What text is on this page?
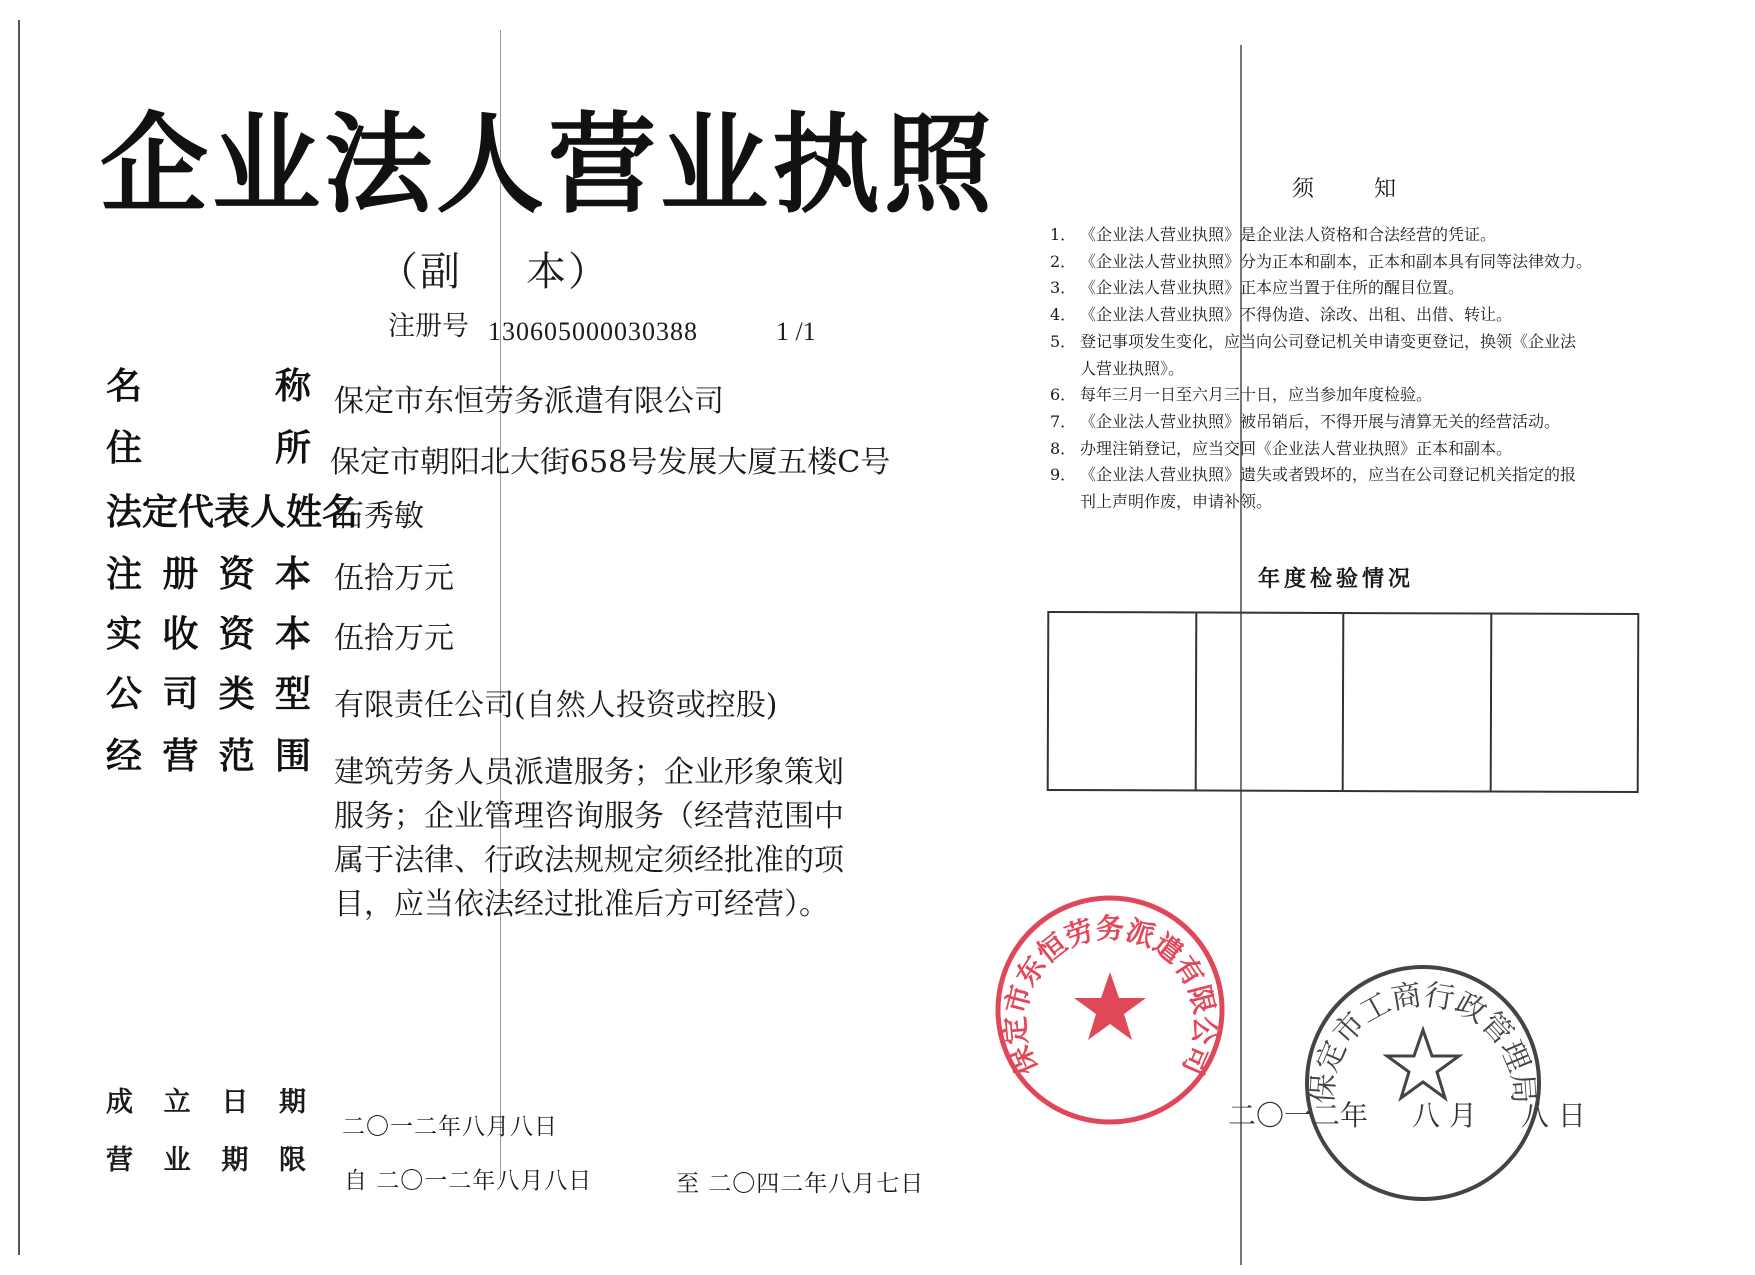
企业法人营业执照
（副 本）
注册号 130605000030388	1 /1
名	称 保定市东恒劳务派遣有限公司
住	所 保定市朝阳北大街658号发展大厦五楼C号
法定代表人姓名
石秀敏
注 册 资 本 伍拾万元
实 收 资 本 伍拾万元
公 司 类 型 有限责任公司(自然人投资或控股)
经 营 范 围 建筑劳务人员派遣服务；企业形象策划服务；企业管理咨询服务（经营范围中属于法律、行政法规规定须经批准的项目，应当依法经过批准后方可经营）。
成 立 日 期
二〇一二年八月八日
营 业 期 限
自 二〇一二年八月八日	至 二〇四二年八月七日
须	知
1． 《企业法人营业执照》是企业法人资格和合法经营的凭证。
2． 《企业法人营业执照》分为正本和副本，正本和副本具有同等法律效力。
3． 《企业法人营业执照》正本应当置于住所的醒目位置。
4． 《企业法人营业执照》不得伪造、涂改、出租、出借、转让。
5． 登记事项发生变化，应当向公司登记机关申请变更登记，换领《企业法
人营业执照》。
6． 每年三月一日至六月三十日，应当参加年度检验。
7． 《企业法人营业执照》被吊销后，不得开展与清算无关的经营活动。
8． 办理注销登记，应当交回《企业法人营业执照》正本和副本。
9． 《企业法人营业执照》遗失或者毁坏的，应当在公司登记机关指定的报
刊上声明作废，申请补领。
年度检验情况
保定市东恒劳务派遣有限公司
保定市工商行政管理局
二〇一二年 八 月 八 日
